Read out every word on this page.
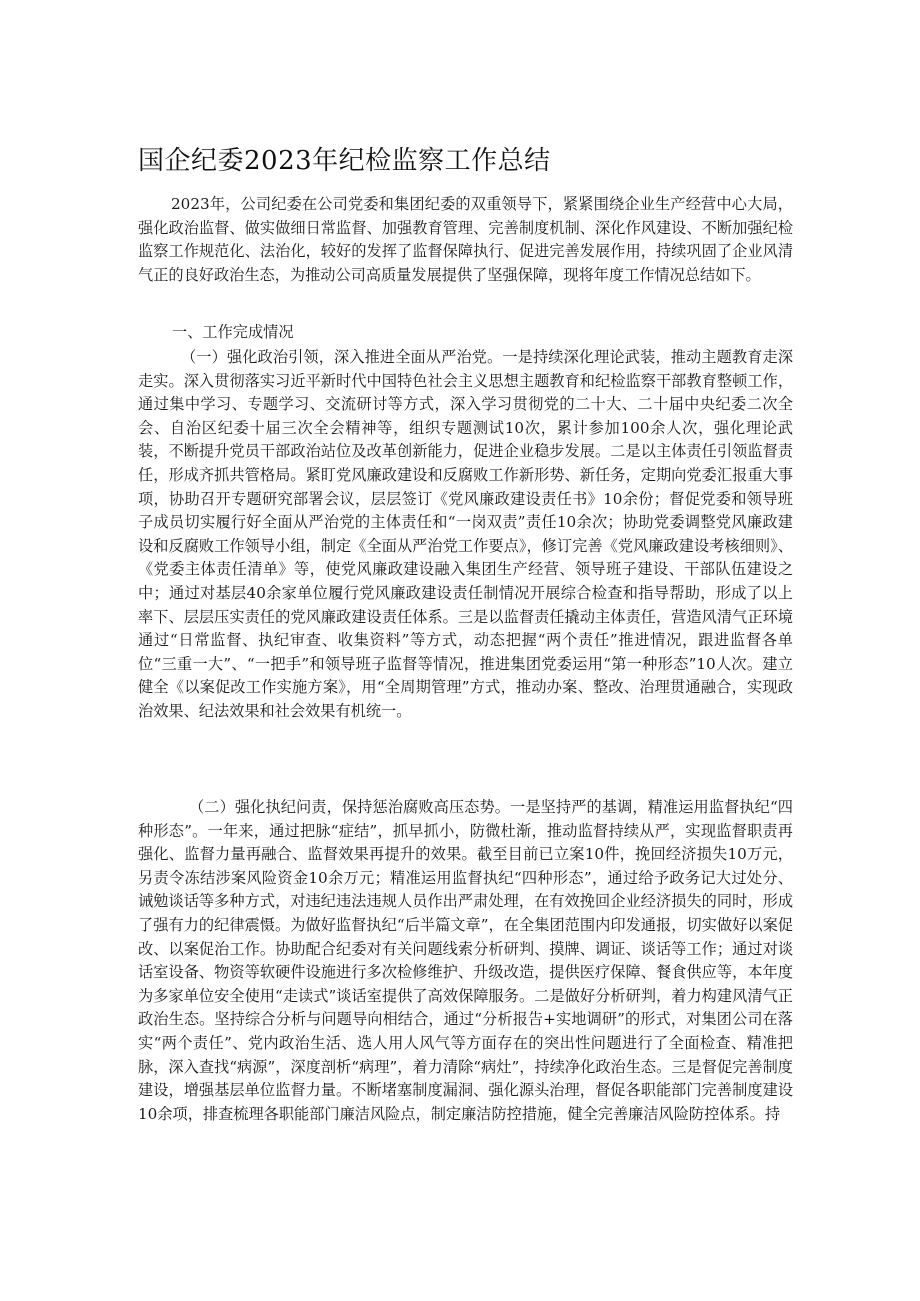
国企纪委2023年纪检监察工作总结

2023年，公司纪委在公司党委和集团纪委的双重领导下，紧紧围绕企业生产经营中心大局，强化政治监督、做实做细日常监督、加强教育管理、完善制度机制、深化作风建设、不断加强纪检监察工作规范化、法治化，较好的发挥了监督保障执行、促进完善发展作用，持续巩固了企业风清气正的良好政治生态，为推动公司高质量发展提供了坚强保障，现将年度工作情况总结如下。

一、工作完成情况

（一）强化政治引领，深入推进全面从严治党。一是持续深化理论武装，推动主题教育走深走实。深入贯彻落实习近平新时代中国特色社会主义思想主题教育和纪检监察干部教育整顿工作，通过集中学习、专题学习、交流研讨等方式，深入学习贯彻党的二十大、二十届中央纪委二次全会、自治区纪委十届三次全会精神等，组织专题测试10次，累计参加100余人次，强化理论武装，不断提升党员干部政治站位及改革创新能力，促进企业稳步发展。二是以主体责任引领监督责任，形成齐抓共管格局。紧盯党风廉政建设和反腐败工作新形势、新任务，定期向党委汇报重大事项，协助召开专题研究部署会议，层层签订《党风廉政建设责任书》10余份；督促党委和领导班子成员切实履行好全面从严治党的主体责任和“一岗双责”责任10余次；协助党委调整党风廉政建设和反腐败工作领导小组，制定《全面从严治党工作要点》，修订完善《党风廉政建设考核细则》、《党委主体责任清单》等，使党风廉政建设融入集团生产经营、领导班子建设、干部队伍建设之中；通过对基层40余家单位履行党风廉政建设责任制情况开展综合检查和指导帮助，形成了以上率下、层层压实责任的党风廉政建设责任体系。三是以监督责任撬动主体责任，营造风清气正环境通过“日常监督、执纪审查、收集资料”等方式，动态把握“两个责任”推进情况，跟进监督各单位“三重一大”、“一把手”和领导班子监督等情况，推进集团党委运用“第一种形态”10人次。建立健全《以案促改工作实施方案》，用“全周期管理”方式，推动办案、整改、治理贯通融合，实现政治效果、纪法效果和社会效果有机统一。

（二）强化执纪问责，保持惩治腐败高压态势。一是坚持严的基调，精准运用监督执纪“四种形态”。一年来，通过把脉“症结”，抓早抓小，防微杜渐，推动监督持续从严，实现监督职责再强化、监督力量再融合、监督效果再提升的效果。截至目前已立案10件，挽回经济损失10万元，另责令冻结涉案风险资金10余万元；精准运用监督执纪“四种形态”，通过给予政务记大过处分、诫勉谈话等多种方式，对违纪违法违规人员作出严肃处理，在有效挽回企业经济损失的同时，形成了强有力的纪律震慑。为做好监督执纪“后半篇文章”，在全集团范围内印发通报，切实做好以案促改、以案促治工作。协助配合纪委对有关问题线索分析研判、摸牌、调证、谈话等工作；通过对谈话室设备、物资等软硬件设施进行多次检修维护、升级改造，提供医疗保障、餐食供应等，本年度为多家单位安全使用“走读式”谈话室提供了高效保障服务。二是做好分析研判，着力构建风清气正政治生态。坚持综合分析与问题导向相结合，通过“分析报告+实地调研”的形式，对集团公司在落实“两个责任”、党内政治生活、选人用人风气等方面存在的突出性问题进行了全面检查、精准把脉，深入查找“病源”，深度剖析“病理”，着力清除“病灶”，持续净化政治生态。三是督促完善制度建设，增强基层单位监督力量。不断堵塞制度漏洞、强化源头治理，督促各职能部门完善制度建设10余项，排查梳理各职能部门廉洁风险点，制定廉洁防控措施，健全完善廉洁风险防控体系。持
